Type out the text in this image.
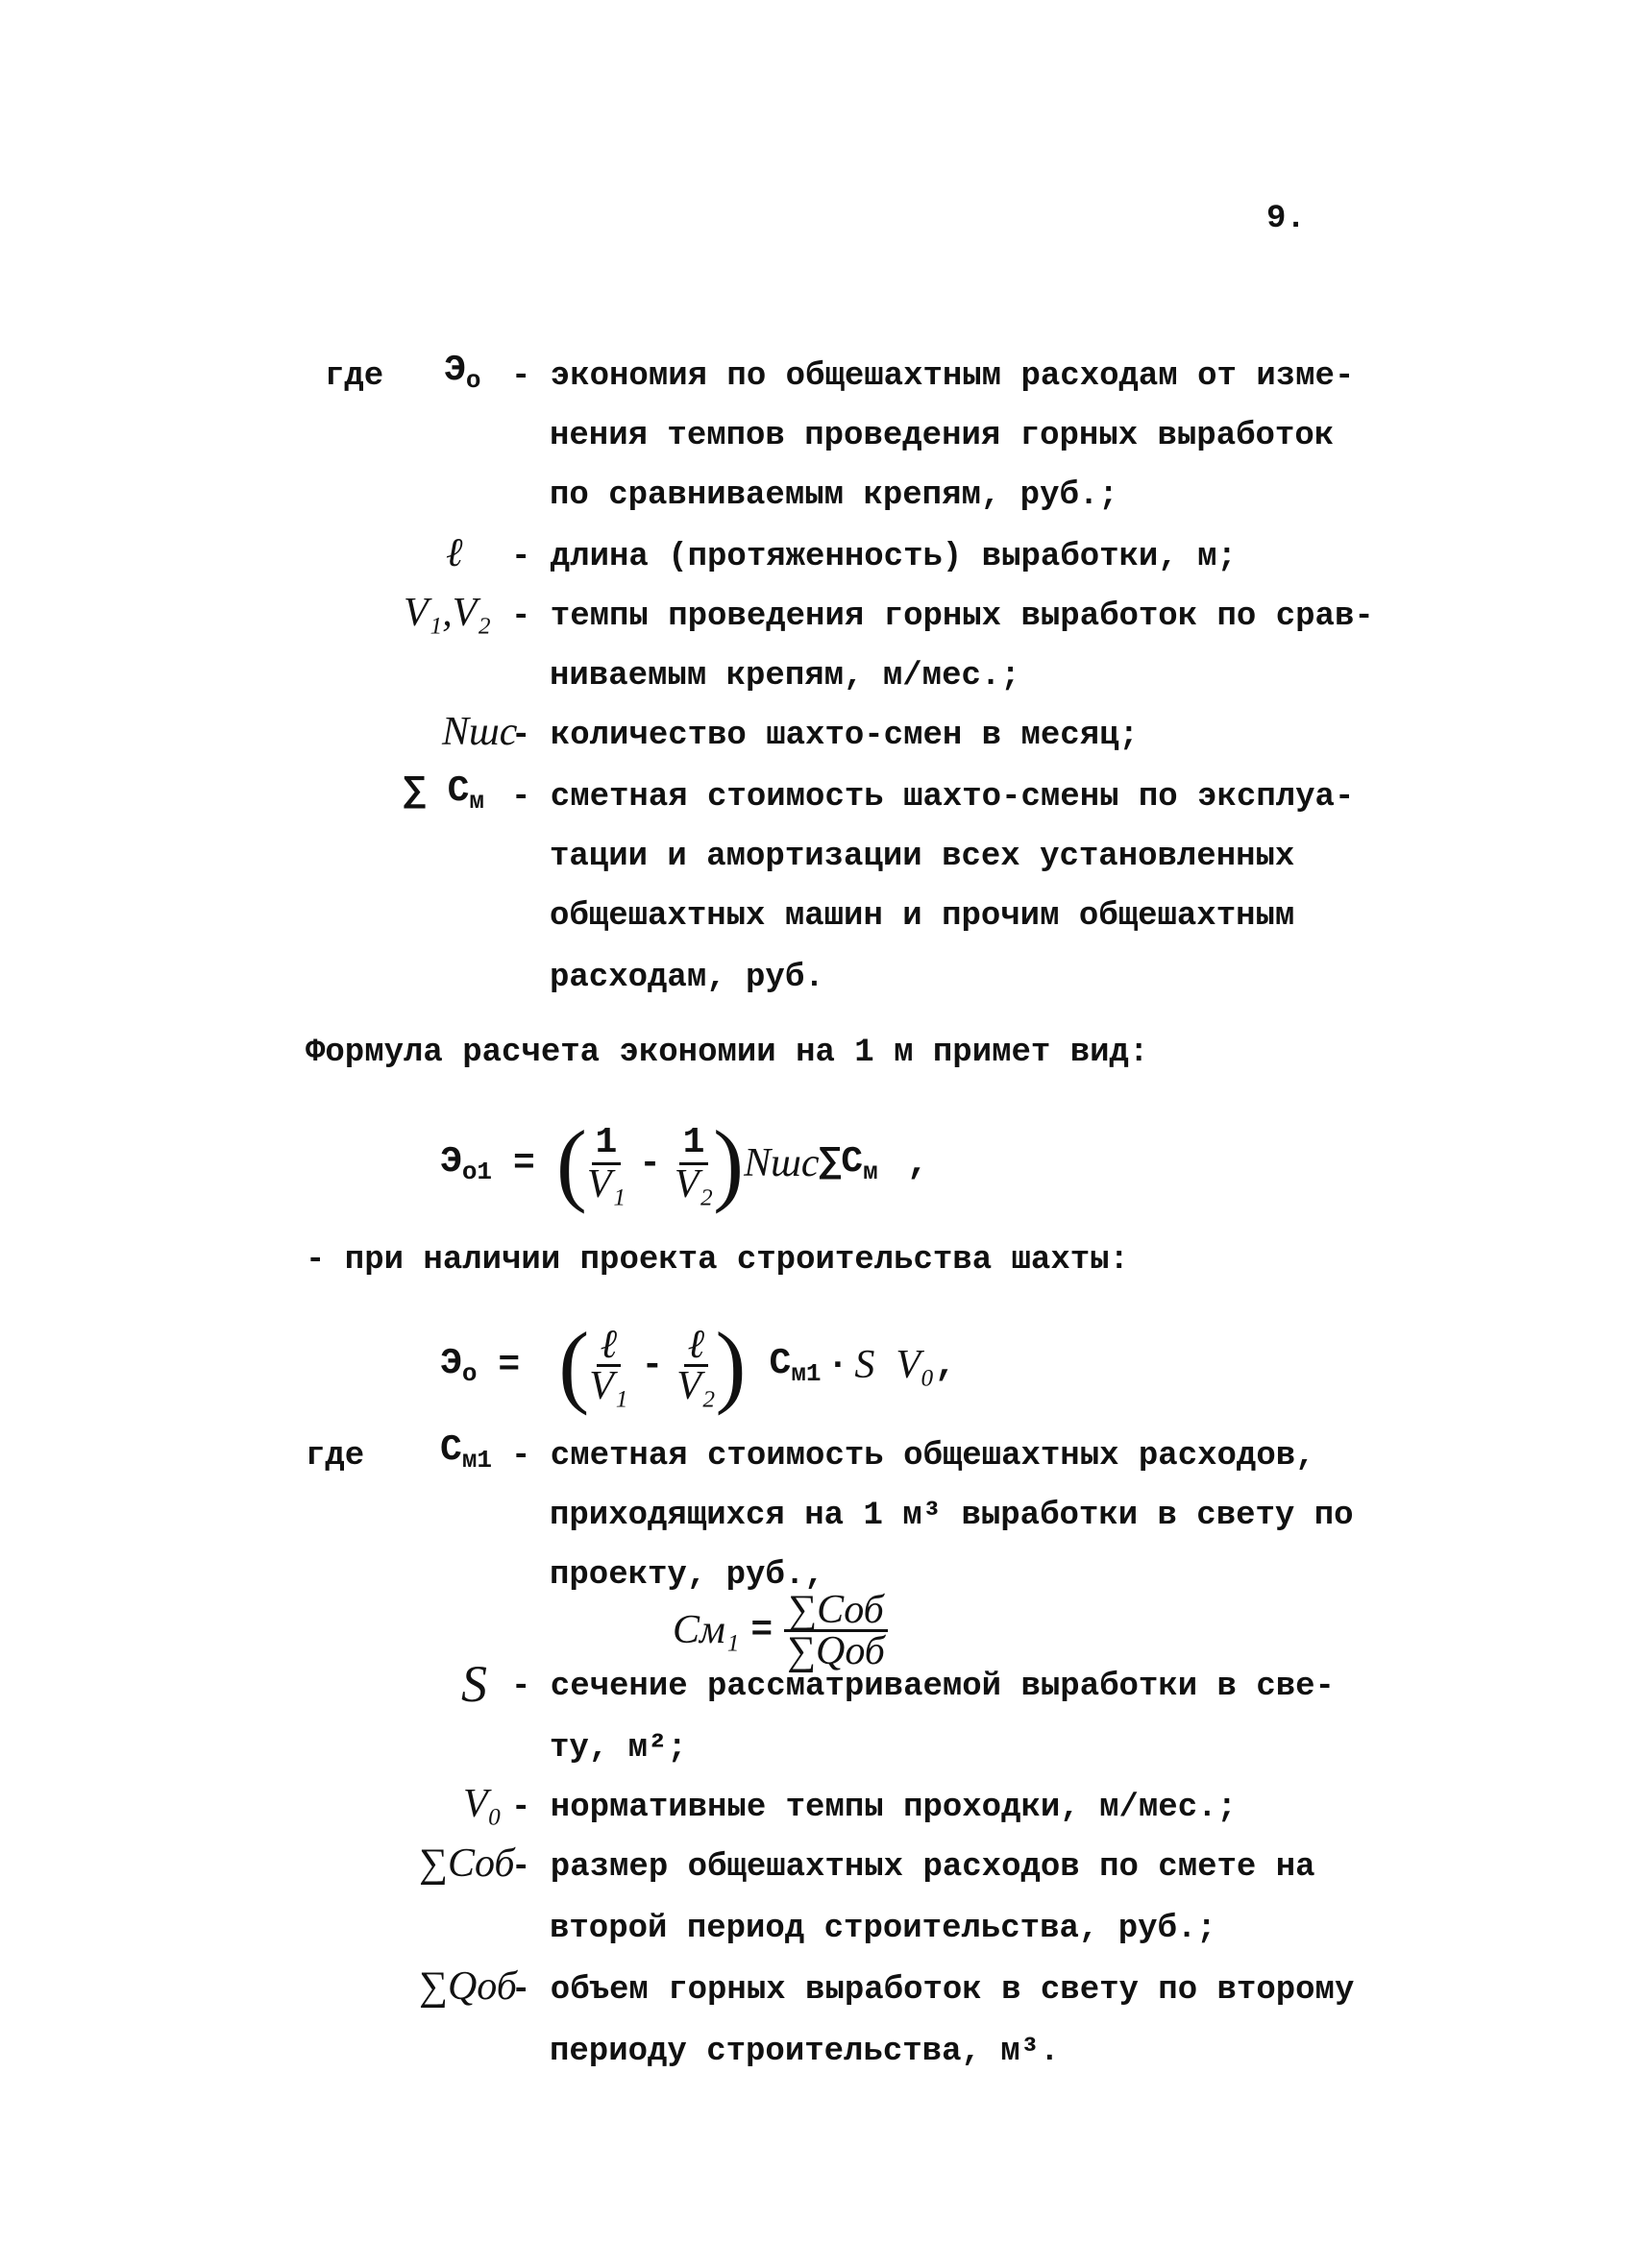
9.
где $Э_о$ - экономия по общешахтным расходам от изме-
нения темпов проведения горных выработок
по сравниваемым крепям, руб.;
ℓ - длина (протяженность) выработки, м;
V₁,V₂ - темпы проведения горных выработок по срав-
ниваемым крепям, м/мес.;
Nшс
- количество шахто-смен в месяц;
∑ $С_м$ - сметная стоимость шахто-смены по эксплуа-
тации и амортизации всех установленных
общешахтных машин и прочим общешахтным
расходам, руб.
Формула расчета экономии на 1 м примет вид:
$Э_{о1}$ = ( $\frac{1}{\text{V₁}} - \frac{1}{\text{V₂}}$ ) Nшс $\sum С_м$ ,
- при наличии проекта строительства шахты:
$Э_о$ = ( $\frac{\text{ℓ}}{\text{V₁}} - \frac{\text{ℓ}}{\text{V₂}}$ ) $С_{м1} \cdot S$ V₀ ,
где $С_{м1}$ - сметная стоимость общешахтных расходов,
приходящихся на 1 м³ выработки в свету по
проекту, руб.,
$Cм_1 = \frac{\text{∑Cоб}}{\text{∑Qоб}}$
S - сечение рассматриваемой выработки в све-
ту, м²;
V₀ - нормативные темпы проходки, м/мес.;
∑Cоб
- размер общешахтных расходов по смете на
второй период строительства, руб.;
∑Qоб
- объем горных выработок в свету по второму
периоду строительства, м³.
